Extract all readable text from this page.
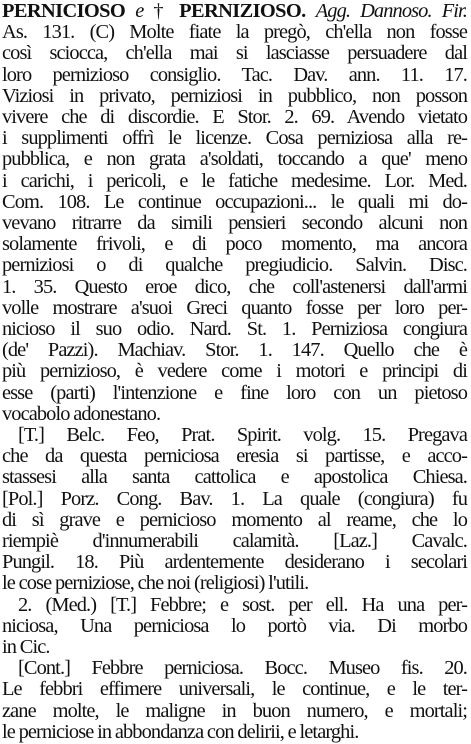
PERNICIOSO e † PERNIZIOSO. Agg. Dannoso. Fir.
As. 131. (C) Molte fiate la pregò, ch'ella non fosse
così sciocca, ch'ella mai si lasciasse persuadere dal
loro pernizioso consiglio. Tac. Dav. ann. 11. 17.
Viziosi in privato, perniziosi in pubblico, non posson
vivere che di discordie. E Stor. 2. 69. Avendo vietato
i supplimenti offrì le licenze. Cosa perniziosa alla re-
pubblica, e non grata a'soldati, toccando a que' meno
i carichi, i pericoli, e le fatiche medesime. Lor. Med.
Com. 108. Le continue occupazioni... le quali mi do-
vevano ritrarre da simili pensieri secondo alcuni non
solamente frivoli, e di poco momento, ma ancora
perniziosi o di qualche pregiudicio. Salvin. Disc.
1. 35. Questo eroe dico, che coll'astenersi dall'armi
volle mostrare a'suoi Greci quanto fosse per loro per-
nicioso il suo odio. Nard. St. 1. Perniziosa congiura
(de' Pazzi). Machiav. Stor. 1. 147. Quello che è
più pernizioso, è vedere come i motori e principi di
esse (parti) l'intenzione e fine loro con un pietoso
vocabolo adonestano.
[T.] Belc. Feo, Prat. Spirit. volg. 15. Pregava
che da questa perniciosa eresia si partisse, e acco-
stassesi alla santa cattolica e apostolica Chiesa.
[Pol.] Porz. Cong. Bav. 1. La quale (congiura) fu
di sì grave e pernicioso momento al reame, che lo
riempiè d'innumerabili calamità. [Laz.] Cavalc.
Pungil. 18. Più ardentemente desiderano i secolari
le cose perniziose, che noi (religiosi) l'utili.
2. (Med.) [T.] Febbre; e sost. per ell. Ha una per-
niciosa, Una perniciosa lo portò via. Di morbo
in Cic.
[Cont.] Febbre perniciosa. Bocc. Museo fis. 20.
Le febbri effimere universali, le continue, e le ter-
zane molte, le maligne in buon numero, e mortali;
le perniciose in abbondanza con delirii, e letarghi.
